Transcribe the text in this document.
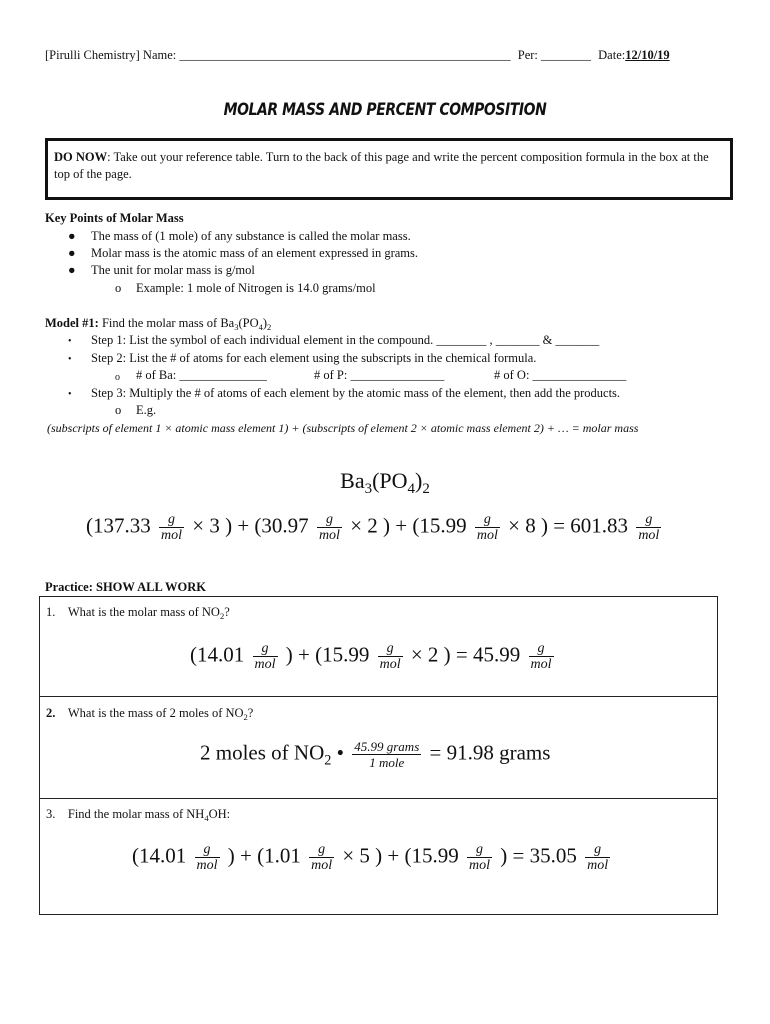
[Pirulli Chemistry] Name: _____________________________________________________ Per: ________ Date:12/10/19
MOLAR MASS AND PERCENT COMPOSITION
DO NOW: Take out your reference table. Turn to the back of this page and write the percent composition formula in the box at the top of the page.
Key Points of Molar Mass
● The mass of (1 mole) of any substance is called the molar mass.
● Molar mass is the atomic mass of an element expressed in grams.
● The unit for molar mass is g/mol
o Example: 1 mole of Nitrogen is 14.0 grams/mol
Model #1: Find the molar mass of $Ba_3(PO_4)_2$
• Step 1: List the symbol of each individual element in the compound. ________ , _______ & _______
• Step 2: List the # of atoms for each element using the subscripts in the chemical formula.
o # of Ba: ______________	# of P: _______________	# of O: _______________
• Step 3: Multiply the # of atoms of each element by the atomic mass of the element, then add the products.
o E.g.
(subscripts of element 1 × atomic mass element 1) + (subscripts of element 2 × atomic mass element 2) + … = molar mass
$Ba_3(PO_4)_2$
($137.33 \frac{g}{\text{mol}} \times 3$ ) + ($30.97 \frac{g}{\text{mol}} \times 2$ ) + ($15.99 \frac{g}{\text{mol}} \times 8$ ) = $601.83 \frac{g}{\text{mol}}$
Practice: SHOW ALL WORK
1. What is the molar mass of $NO_2$?
($14.01 \frac{g}{\text{mol}}$ ) + ($15.99 \frac{g}{\text{mol}} \times 2$ ) = $45.99 \frac{g}{\text{mol}}$
2. What is the mass of 2 moles of $NO_2$?
2 moles of $NO_2$ • $\frac{\text{45.99 grams}}{\text{1 mole}} = 91.98$ grams
3. Find the molar mass of $NH_4OH$:
($14.01 \frac{g}{\text{mol}}$ ) + ($1.01 \frac{g}{\text{mol}} \times 5$ ) + ($15.99 \frac{g}{\text{mol}}$ ) = $35.05 \frac{g}{\text{mol}}$
